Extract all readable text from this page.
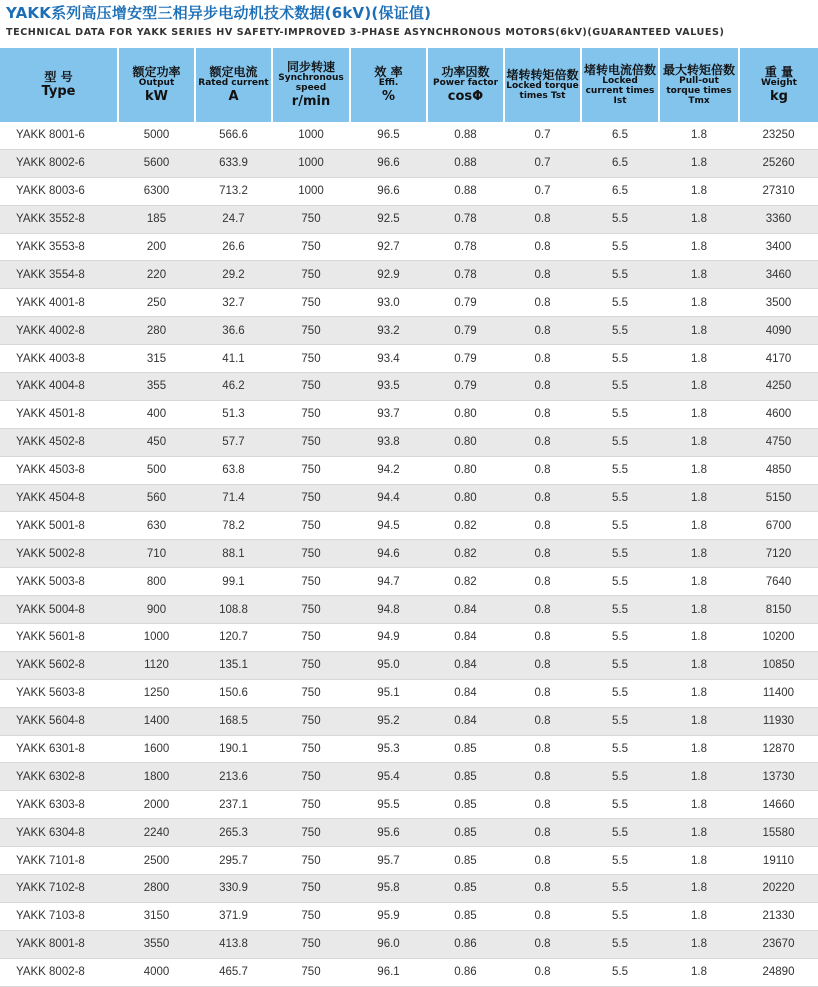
YAKK系列高压增安型三相异步电动机技术数据(6kV)(保证值)
TECHNICAL DATA FOR YAKK SERIES HV SAFETY-IMPROVED 3-PHASE ASYNCHRONOUS MOTORS(6kV)(GUARANTEED VALUES)
型 号
Type	额定功率
Output
kW	额定电流
Rated current
A	同步转速
Synchronous speed
r/min	效 率
Effi.
%	功率因数
Power factor
cosΦ	堵转转矩倍数
Locked torque times Tst	堵转电流倍数
Locked current times Ist	最大转矩倍数
Pull-out torque times Tmx	重 量
Weight
kg

YAKK 8001-6	5000	566.6	1000	96.5	0.88	0.7	6.5	1.8	23250
YAKK 8002-6	5600	633.9	1000	96.6	0.88	0.7	6.5	1.8	25260
YAKK 8003-6	6300	713.2	1000	96.6	0.88	0.7	6.5	1.8	27310
YAKK 3552-8	185	24.7	750	92.5	0.78	0.8	5.5	1.8	3360
YAKK 3553-8	200	26.6	750	92.7	0.78	0.8	5.5	1.8	3400
YAKK 3554-8	220	29.2	750	92.9	0.78	0.8	5.5	1.8	3460
YAKK 4001-8	250	32.7	750	93.0	0.79	0.8	5.5	1.8	3500
YAKK 4002-8	280	36.6	750	93.2	0.79	0.8	5.5	1.8	4090
YAKK 4003-8	315	41.1	750	93.4	0.79	0.8	5.5	1.8	4170
YAKK 4004-8	355	46.2	750	93.5	0.79	0.8	5.5	1.8	4250
YAKK 4501-8	400	51.3	750	93.7	0.80	0.8	5.5	1.8	4600
YAKK 4502-8	450	57.7	750	93.8	0.80	0.8	5.5	1.8	4750
YAKK 4503-8	500	63.8	750	94.2	0.80	0.8	5.5	1.8	4850
YAKK 4504-8	560	71.4	750	94.4	0.80	0.8	5.5	1.8	5150
YAKK 5001-8	630	78.2	750	94.5	0.82	0.8	5.5	1.8	6700
YAKK 5002-8	710	88.1	750	94.6	0.82	0.8	5.5	1.8	7120
YAKK 5003-8	800	99.1	750	94.7	0.82	0.8	5.5	1.8	7640
YAKK 5004-8	900	108.8	750	94.8	0.84	0.8	5.5	1.8	8150
YAKK 5601-8	1000	120.7	750	94.9	0.84	0.8	5.5	1.8	10200
YAKK 5602-8	1120	135.1	750	95.0	0.84	0.8	5.5	1.8	10850
YAKK 5603-8	1250	150.6	750	95.1	0.84	0.8	5.5	1.8	11400
YAKK 5604-8	1400	168.5	750	95.2	0.84	0.8	5.5	1.8	11930
YAKK 6301-8	1600	190.1	750	95.3	0.85	0.8	5.5	1.8	12870
YAKK 6302-8	1800	213.6	750	95.4	0.85	0.8	5.5	1.8	13730
YAKK 6303-8	2000	237.1	750	95.5	0.85	0.8	5.5	1.8	14660
YAKK 6304-8	2240	265.3	750	95.6	0.85	0.8	5.5	1.8	15580
YAKK 7101-8	2500	295.7	750	95.7	0.85	0.8	5.5	1.8	19110
YAKK 7102-8	2800	330.9	750	95.8	0.85	0.8	5.5	1.8	20220
YAKK 7103-8	3150	371.9	750	95.9	0.85	0.8	5.5	1.8	21330
YAKK 8001-8	3550	413.8	750	96.0	0.86	0.8	5.5	1.8	23670
YAKK 8002-8	4000	465.7	750	96.1	0.86	0.8	5.5	1.8	24890
